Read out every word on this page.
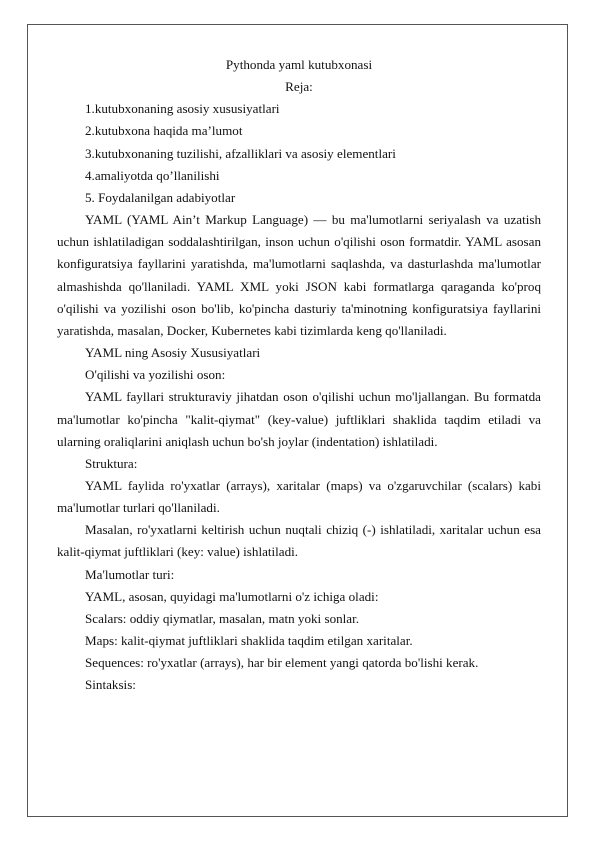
Pythonda yaml kutubxonasi

Reja:

1.kutubxonaning asosiy xususiyatlari

2.kutubxona haqida ma’lumot

3.kutubxonaning tuzilishi, afzalliklari va asosiy elementlari

4.amaliyotda qo’llanilishi

5. Foydalanilgan adabiyotlar

YAML (YAML Ain’t Markup Language) — bu ma'lumotlarni seriyalash va uzatish uchun ishlatiladigan soddalashtirilgan, inson uchun o'qilishi oson formatdir. YAML asosan konfiguratsiya fayllarini yaratishda, ma'lumotlarni saqlashda, va dasturlashda ma'lumotlar almashishda qo'llaniladi. YAML XML yoki JSON kabi formatlarga qaraganda ko'proq o'qilishi va yozilishi oson bo'lib, ko'pincha dasturiy ta'minotning konfiguratsiya fayllarini yaratishda, masalan, Docker, Kubernetes kabi tizimlarda keng qo'llaniladi.

YAML ning Asosiy Xususiyatlari

O'qilishi va yozilishi oson:

YAML fayllari strukturaviy jihatdan oson o'qilishi uchun mo'ljallangan. Bu formatda ma'lumotlar ko'pincha "kalit-qiymat" (key-value) juftliklari shaklida taqdim etiladi va ularning oraliqlarini aniqlash uchun bo'sh joylar (indentation) ishlatiladi.

Struktura:

YAML faylida ro'yxatlar (arrays), xaritalar (maps) va o'zgaruvchilar (scalars) kabi ma'lumotlar turlari qo'llaniladi.

Masalan, ro'yxatlarni keltirish uchun nuqtali chiziq (-) ishlatiladi, xaritalar uchun esa kalit-qiymat juftliklari (key: value) ishlatiladi.

Ma'lumotlar turi:

YAML, asosan, quyidagi ma'lumotlarni o'z ichiga oladi:

Scalars: oddiy qiymatlar, masalan, matn yoki sonlar.

Maps: kalit-qiymat juftliklari shaklida taqdim etilgan xaritalar.

Sequences: ro'yxatlar (arrays), har bir element yangi qatorda bo'lishi kerak.

Sintaksis:
